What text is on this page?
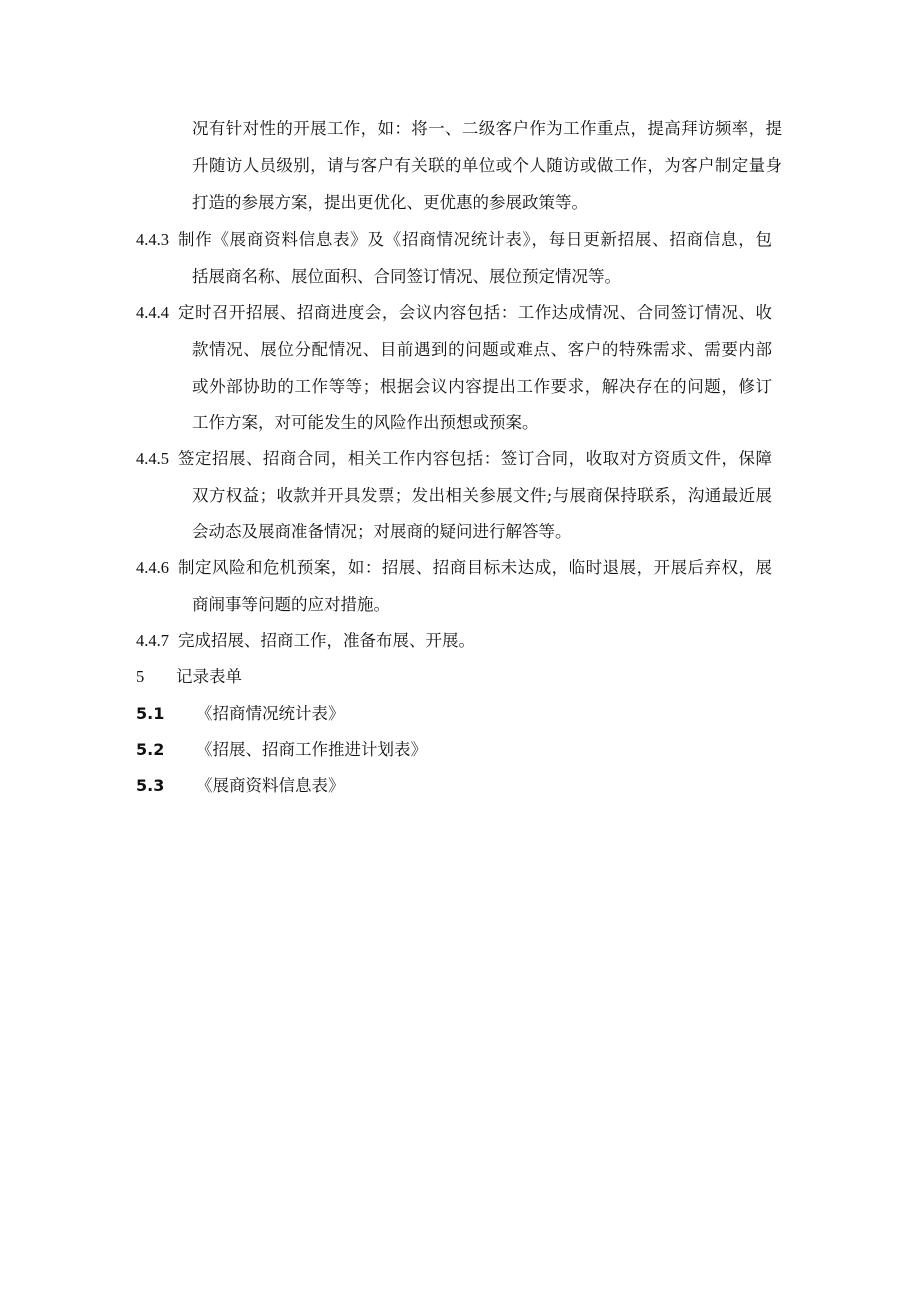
况有针对性的开展工作，如：将一、二级客户作为工作重点，提高拜访频率，提
升随访人员级别，请与客户有关联的单位或个人随访或做工作，为客户制定量身
打造的参展方案，提出更优化、更优惠的参展政策等。
4.4.3 制作《展商资料信息表》及《招商情况统计表》，每日更新招展、招商信息，包
括展商名称、展位面积、合同签订情况、展位预定情况等。
4.4.4 定时召开招展、招商进度会，会议内容包括：工作达成情况、合同签订情况、收
款情况、展位分配情况、目前遇到的问题或难点、客户的特殊需求、需要内部
或外部协助的工作等等；根据会议内容提出工作要求，解决存在的问题，修订
工作方案，对可能发生的风险作出预想或预案。
4.4.5 签定招展、招商合同，相关工作内容包括：签订合同，收取对方资质文件，保障
双方权益；收款并开具发票；发出相关参展文件;与展商保持联系，沟通最近展
会动态及展商准备情况；对展商的疑问进行解答等。
4.4.6 制定风险和危机预案，如：招展、招商目标未达成，临时退展，开展后弃权，展
商闹事等问题的应对措施。
4.4.7 完成招展、招商工作，准备布展、开展。
5 记录表单
5.1 《招商情况统计表》
5.2 《招展、招商工作推进计划表》
5.3 《展商资料信息表》
